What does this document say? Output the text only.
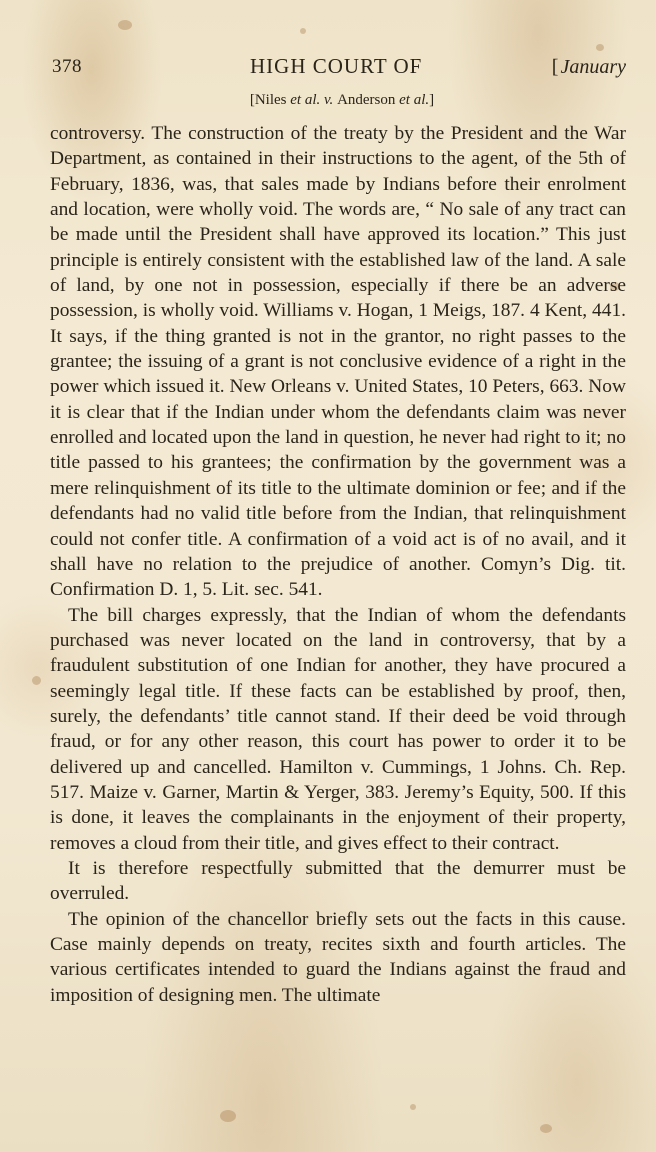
378	HIGH COURT OF	[ January
[Niles et al. v. Anderson et al.]

controversy. The construction of the treaty by the President and the War Department, as contained in their instructions to the agent, of the 5th of February, 1836, was, that sales made by Indians before their enrolment and location, were wholly void. The words are, “ No sale of any tract can be made until the President shall have approved its location.” This just principle is entirely consistent with the established law of the land. A sale of land, by one not in possession, especially if there be an adverse possession, is wholly void. Williams v. Hogan, 1 Meigs, 187. 4 Kent, 441. It says, if the thing granted is not in the grantor, no right passes to the grantee; the issuing of a grant is not conclusive evidence of a right in the power which issued it. New Orleans v. United States, 10 Peters, 663. Now it is clear that if the Indian under whom the defendants claim was never enrolled and located upon the land in question, he never had right to it; no title passed to his grantees; the confirmation by the government was a mere relinquishment of its title to the ultimate dominion or fee; and if the defendants had no valid title before from the Indian, that relinquishment could not confer title. A confirmation of a void act is of no avail, and it shall have no relation to the prejudice of another. Comyn’s Dig. tit. Confirmation D. 1, 5. Lit. sec. 541.

The bill charges expressly, that the Indian of whom the defendants purchased was never located on the land in controversy, that by a fraudulent substitution of one Indian for another, they have procured a seemingly legal title. If these facts can be established by proof, then, surely, the defendants’ title cannot stand. If their deed be void through fraud, or for any other reason, this court has power to order it to be delivered up and cancelled. Hamilton v. Cummings, 1 Johns. Ch. Rep. 517. Maize v. Garner, Martin & Yerger, 383. Jeremy’s Equity, 500. If this is done, it leaves the complainants in the enjoyment of their property, removes a cloud from their title, and gives effect to their contract.

It is therefore respectfully submitted that the demurrer must be overruled.

The opinion of the chancellor briefly sets out the facts in this cause. Case mainly depends on treaty, recites sixth and fourth articles. The various certificates intended to guard the Indians against the fraud and imposition of designing men. The ultimate
